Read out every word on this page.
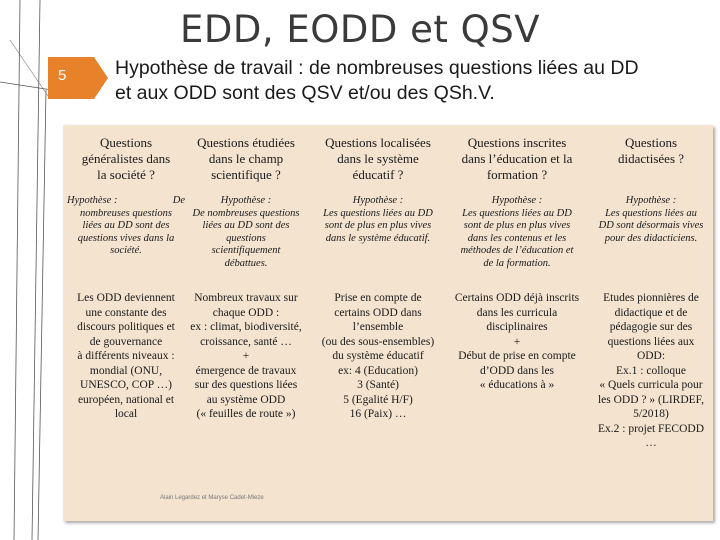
EDD, EODD et QSV
5 Hypothèse de travail : de nombreuses questions liées au DD
et aux ODD sont des QSV et/ou des QSh.V.
Questions
généralistes dans
la société ?
Hypothèse :	De
nombreuses questions
liées au DD sont des
questions vives dans la
société.
Les ODD deviennent
une constante des
discours politiques et
de gouvernance
à différents niveaux :
mondial (ONU,
UNESCO, COP …)
européen, national et
local
Questions étudiées
dans le champ
scientifique ?
Hypothèse :
De nombreuses questions
liées au DD sont des
questions
scientifiquement
débattues.
Nombreux travaux sur
chaque ODD :
ex : climat, biodiversité,
croissance, santé …
+
émergence de travaux
sur des questions liées
au système ODD
(« feuilles de route »)
Questions localisées
dans le système
éducatif ?
Hypothèse :
Les questions liées au DD
sont de plus en plus vives
dans le système éducatif.
Prise en compte de
certains ODD dans
l’ensemble
(ou des sous-ensembles)
du système éducatif
ex: 4 (Education)
3 (Santé)
5 (Egalité H/F)
16 (Paix) …
Questions inscrites
dans l’éducation et la
formation ?
Hypothèse :
Les questions liées au DD
sont de plus en plus vives
dans les contenus et les
méthodes de l’éducation et
de la formation.
Certains ODD déjà inscrits
dans les curricula
disciplinaires
+
Début de prise en compte
d’ODD dans les
« éducations à »
Questions
didactisées ?
Hypothèse :
Les questions liées au
DD sont désormais vives
pour des didacticiens.
Etudes pionnières de
didactique et de
pédagogie sur des
questions liées aux
ODD:
Ex.1 : colloque
« Quels curricula pour
les ODD ? » (LIRDEF,
5/2018)
Ex.2 : projet FECODD
…
Alain Legardez et Maryse Cadet-Mieze
